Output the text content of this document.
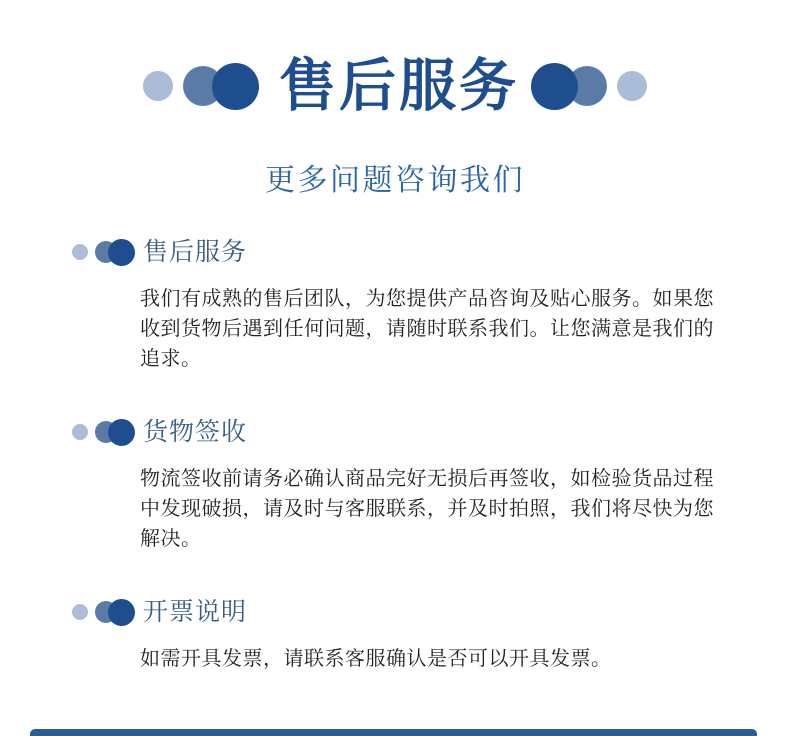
售后服务
更多问题咨询我们
售后服务

我们有成熟的售后团队，为您提供产品咨询及贴心服务。如果您收到货物后遇到任何问题，请随时联系我们。让您满意是我们的追求。

货物签收

物流签收前请务必确认商品完好无损后再签收，如检验货品过程中发现破损，请及时与客服联系，并及时拍照，我们将尽快为您解决。

开票说明

如需开具发票，请联系客服确认是否可以开具发票。
